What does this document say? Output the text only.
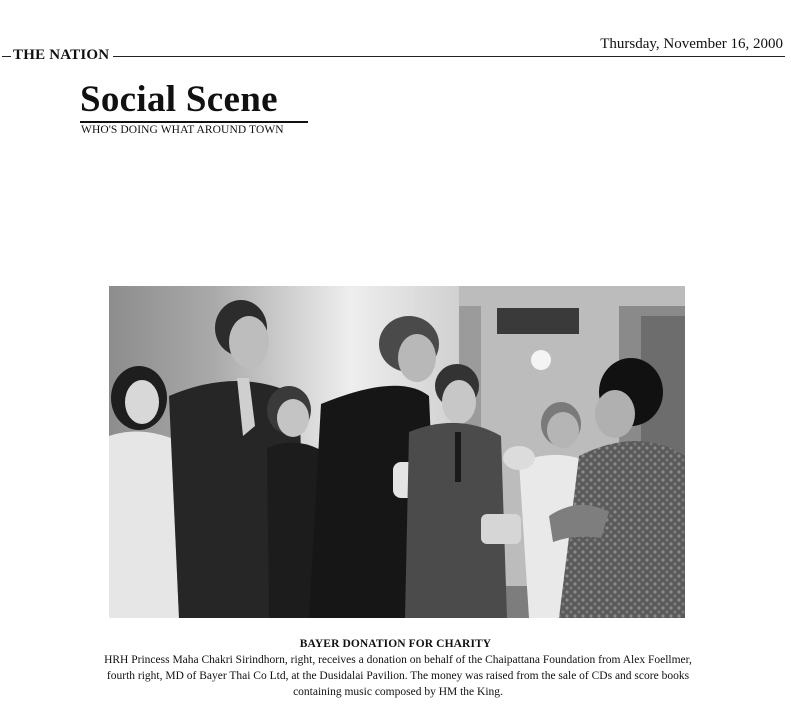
THE NATION
Thursday, November 16, 2000
Social Scene
WHO'S DOING WHAT AROUND TOWN
BAYER DONATION FOR CHARITY
HRH Princess Maha Chakri Sirindhorn, right, receives a donation on behalf of the Chaipattana Foundation from Alex Foellmer, fourth right, MD of Bayer Thai Co Ltd, at the Dusidalai Pavilion. The money was raised from the sale of CDs and score books containing music composed by HM the King.
